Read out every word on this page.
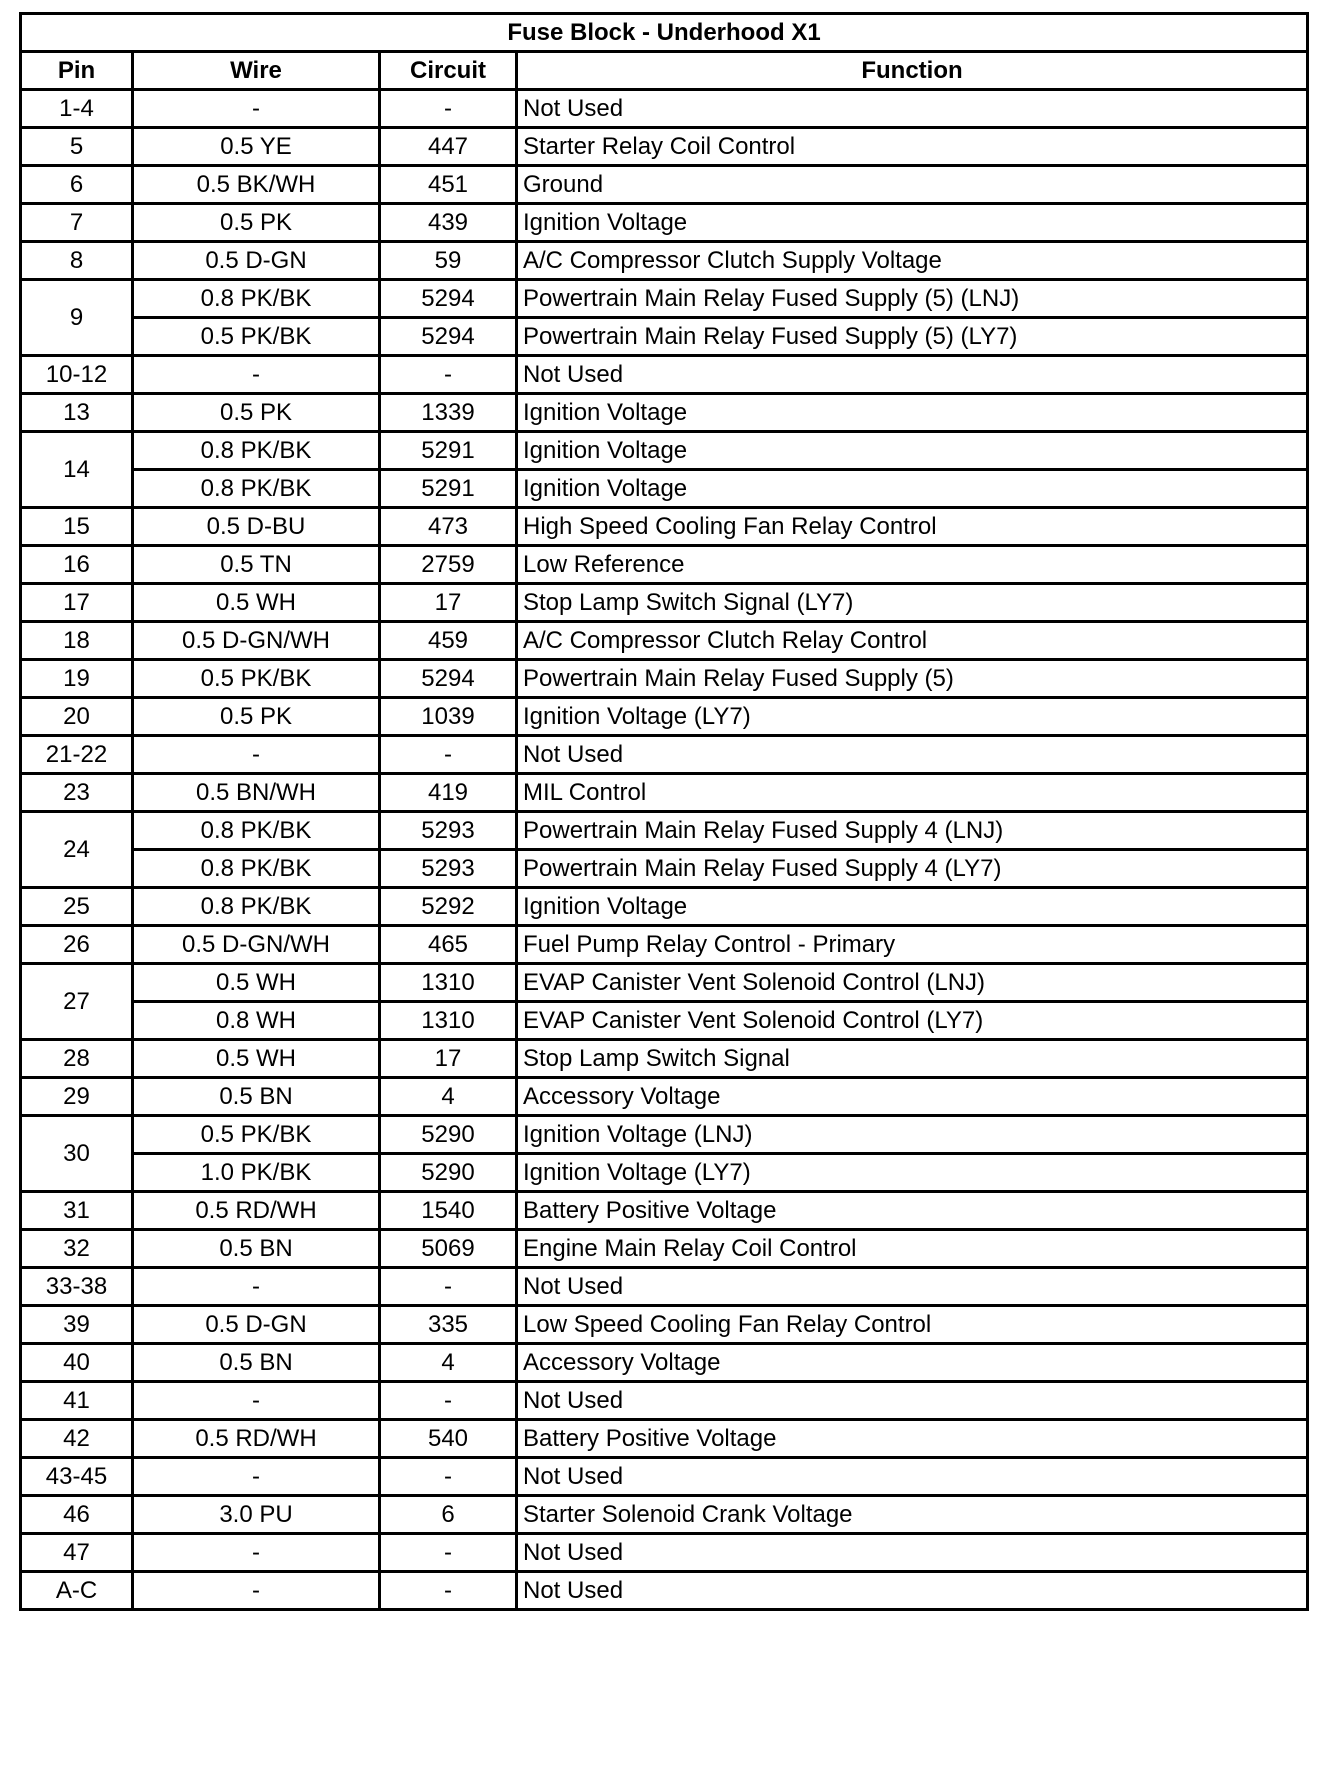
Fuse Block - Underhood X1			
Pin	Wire	Circuit	Function
1-4	-	-	Not Used
5	0.5 YE	447	Starter Relay Coil Control
6	0.5 BK/WH	451	Ground
7	0.5 PK	439	Ignition Voltage
8	0.5 D-GN	59	A/C Compressor Clutch Supply Voltage
9	0.8 PK/BK	5294	Powertrain Main Relay Fused Supply (5) (LNJ)
	0.5 PK/BK	5294	Powertrain Main Relay Fused Supply (5) (LY7)
10-12	-	-	Not Used
13	0.5 PK	1339	Ignition Voltage
14	0.8 PK/BK	5291	Ignition Voltage
	0.8 PK/BK	5291	Ignition Voltage
15	0.5 D-BU	473	High Speed Cooling Fan Relay Control
16	0.5 TN	2759	Low Reference
17	0.5 WH	17	Stop Lamp Switch Signal (LY7)
18	0.5 D-GN/WH	459	A/C Compressor Clutch Relay Control
19	0.5 PK/BK	5294	Powertrain Main Relay Fused Supply (5)
20	0.5 PK	1039	Ignition Voltage (LY7)
21-22	-	-	Not Used
23	0.5 BN/WH	419	MIL Control
24	0.8 PK/BK	5293	Powertrain Main Relay Fused Supply 4 (LNJ)
	0.8 PK/BK	5293	Powertrain Main Relay Fused Supply 4 (LY7)
25	0.8 PK/BK	5292	Ignition Voltage
26	0.5 D-GN/WH	465	Fuel Pump Relay Control - Primary
27	0.5 WH	1310	EVAP Canister Vent Solenoid Control (LNJ)
	0.8 WH	1310	EVAP Canister Vent Solenoid Control (LY7)
28	0.5 WH	17	Stop Lamp Switch Signal
29	0.5 BN	4	Accessory Voltage
30	0.5 PK/BK	5290	Ignition Voltage (LNJ)
	1.0 PK/BK	5290	Ignition Voltage (LY7)
31	0.5 RD/WH	1540	Battery Positive Voltage
32	0.5 BN	5069	Engine Main Relay Coil Control
33-38	-	-	Not Used
39	0.5 D-GN	335	Low Speed Cooling Fan Relay Control
40	0.5 BN	4	Accessory Voltage
41	-	-	Not Used
42	0.5 RD/WH	540	Battery Positive Voltage
43-45	-	-	Not Used
46	3.0 PU	6	Starter Solenoid Crank Voltage
47	-	-	Not Used
A-C	-	-	Not Used
